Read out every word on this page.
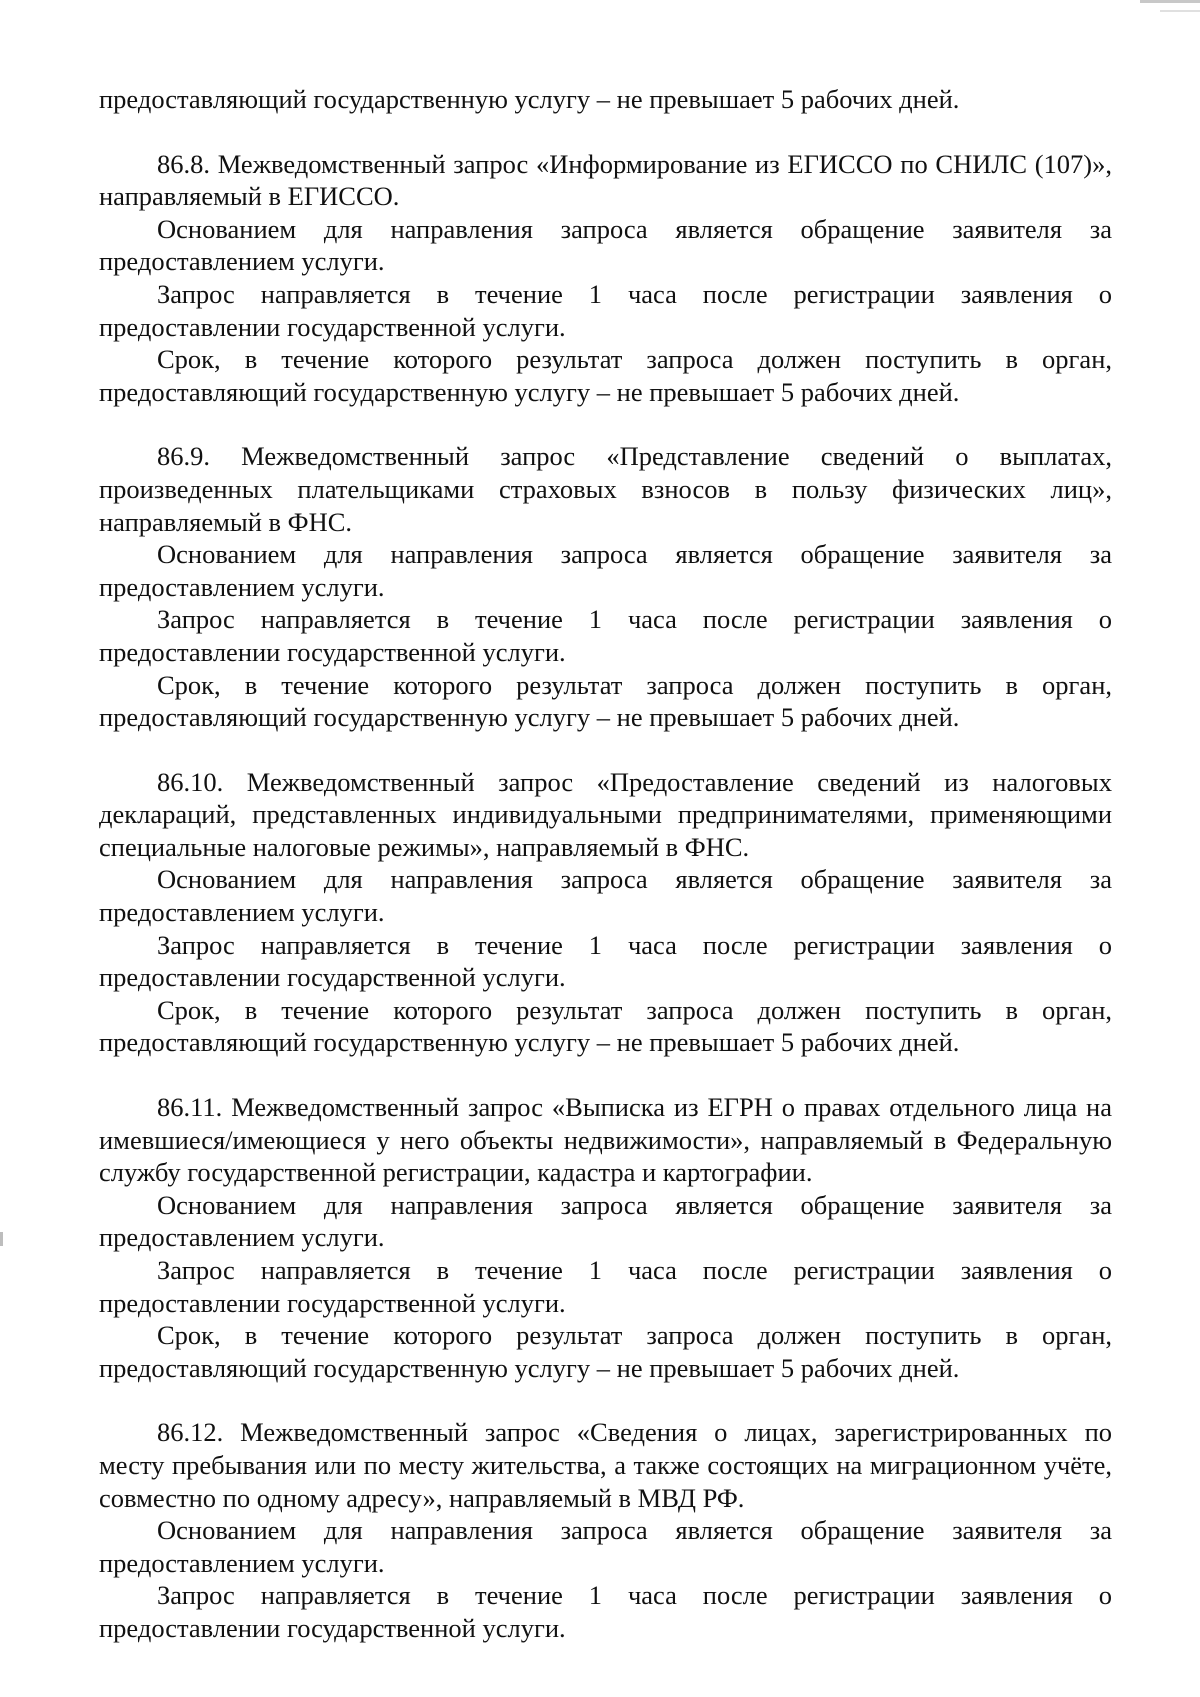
предоставляющий государственную услугу – не превышает 5 рабочих дней.

86.8. Межведомственный запрос «Информирование из ЕГИССО по СНИЛС (107)», направляемый в ЕГИССО.

Основанием для направления запроса является обращение заявителя за предоставлением услуги.

Запрос направляется в течение 1 часа после регистрации заявления о предоставлении государственной услуги.

Срок, в течение которого результат запроса должен поступить в орган, предоставляющий государственную услугу – не превышает 5 рабочих дней.

86.9. Межведомственный запрос «Представление сведений о выплатах, произведенных плательщиками страховых взносов в пользу физических лиц», направляемый в ФНС.

Основанием для направления запроса является обращение заявителя за предоставлением услуги.

Запрос направляется в течение 1 часа после регистрации заявления о предоставлении государственной услуги.

Срок, в течение которого результат запроса должен поступить в орган, предоставляющий государственную услугу – не превышает 5 рабочих дней.

86.10. Межведомственный запрос «Предоставление сведений из налоговых деклараций, представленных индивидуальными предпринимателями, применяющими специальные налоговые режимы», направляемый в ФНС.

Основанием для направления запроса является обращение заявителя за предоставлением услуги.

Запрос направляется в течение 1 часа после регистрации заявления о предоставлении государственной услуги.

Срок, в течение которого результат запроса должен поступить в орган, предоставляющий государственную услугу – не превышает 5 рабочих дней.

86.11. Межведомственный запрос «Выписка из ЕГРН о правах отдельного лица на имевшиеся/имеющиеся у него объекты недвижимости», направляемый в Федеральную службу государственной регистрации, кадастра и картографии.

Основанием для направления запроса является обращение заявителя за предоставлением услуги.

Запрос направляется в течение 1 часа после регистрации заявления о предоставлении государственной услуги.

Срок, в течение которого результат запроса должен поступить в орган, предоставляющий государственную услугу – не превышает 5 рабочих дней.

86.12. Межведомственный запрос «Сведения о лицах, зарегистрированных по месту пребывания или по месту жительства, а также состоящих на миграционном учёте, совместно по одному адресу», направляемый в МВД РФ.

Основанием для направления запроса является обращение заявителя за предоставлением услуги.

Запрос направляется в течение 1 часа после регистрации заявления о предоставлении государственной услуги.
